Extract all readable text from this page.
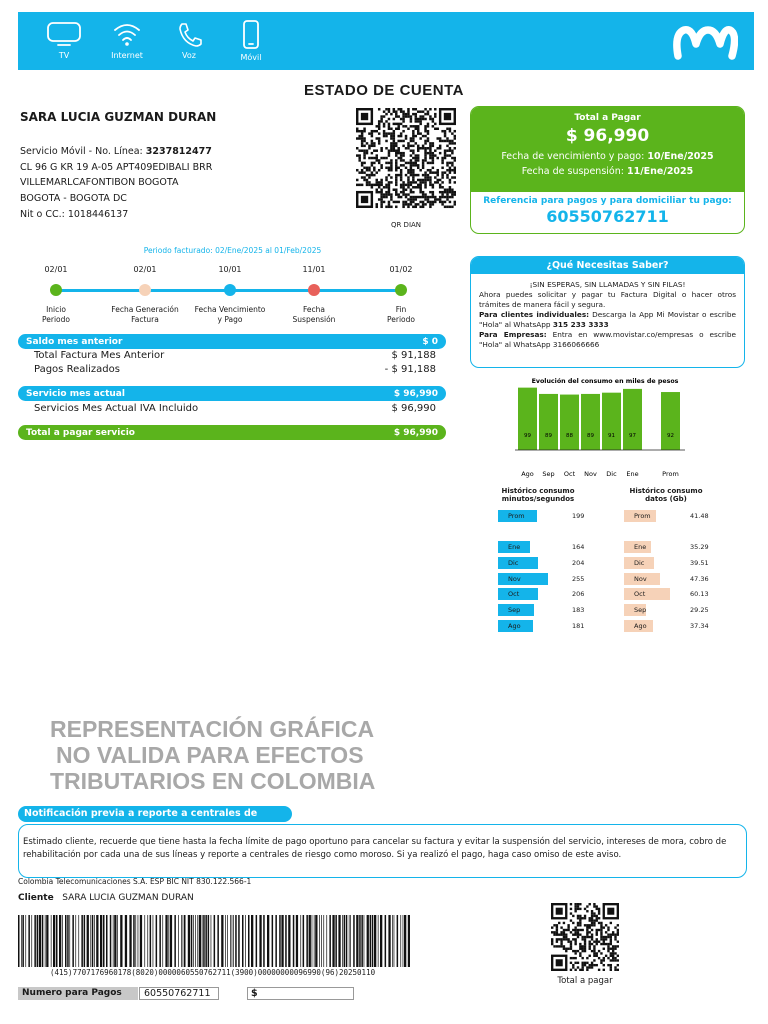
TV	Internet	Voz	Móvil
ESTADO DE CUENTA
SARA LUCIA GUZMAN DURAN
Servicio Móvil - No. Línea: 3237812477
CL 96 G KR 19 A-05 APT409EDIBALI BRR
VILLEMARLCAFONTIBON BOGOTA
BOGOTA - BOGOTA DC
Nit o CC.: 1018446137
QR DIAN
Total a Pagar
$ 96,990
Fecha de vencimiento y pago: 10/Ene/2025
Fecha de suspensión: 11/Ene/2025
Referencia para pagos y para domiciliar tu pago:
60550762711
Periodo facturado: 02/Ene/2025 al 01/Feb/2025
02/01
Inicio
Periodo
02/01
Fecha Generación
Factura
10/01
Fecha Vencimiento
y Pago
11/01
Fecha
Suspensión
01/02
Fin
Periodo
Saldo mes anterior	$ 0
Total Factura Mes Anterior	$ 91,188
Pagos Realizados	- $ 91,188
Servicio mes actual	$ 96,990
Servicios Mes Actual IVA Incluido	$ 96,990
Total a pagar servicio	$ 96,990
¿Qué Necesitas Saber?
¡SIN ESPERAS, SIN LLAMADAS Y SIN FILAS!
Ahora puedes solicitar y pagar tu Factura Digital o hacer otros trámites de manera fácil y segura.
Para clientes individuales: Descarga la App Mi Movistar o escribe "Hola" al WhatsApp 315 233 3333
Para Empresas: Entra en www.movistar.co/empresas o escribe "Hola" al WhatsApp 3166066666
Evolución del consumo en miles de pesos
99
Ago
89
Sep
88
Oct
89
Nov
91
Dic
97
Ene
92
Prom
Histórico consumo
minutos/segundos
Histórico consumo
datos (Gb)
Prom	199
Ene	164
Dic	204
Nov	255
Oct	206
Sep	183
Ago	181
Prom	41.48
Ene	35.29
Dic	39.51
Nov	47.36
Oct	60.13
Sep	29.25
Ago	37.34
REPRESENTACIÓN GRÁFICA
NO VALIDA PARA EFECTOS
TRIBUTARIOS EN COLOMBIA
Notificación previa a reporte a centrales de riesgo
Estimado cliente, recuerde que tiene hasta la fecha límite de pago oportuno para cancelar su factura y evitar la suspensión del servicio, intereses de mora, cobro de rehabilitación por cada una de sus líneas y reporte a centrales de riesgo como moroso. Si ya realizó el pago, haga caso omiso de este aviso.
Colombia Telecomunicaciones S.A. ESP BIC NIT 830.122.566-1
Cliente SARA LUCIA GUZMAN DURAN
(415)7707176960178(8020)0000060550762711(3900)00000000096990(96)20250110
Numero para Pagos	60550762711	$
Total a pagar
